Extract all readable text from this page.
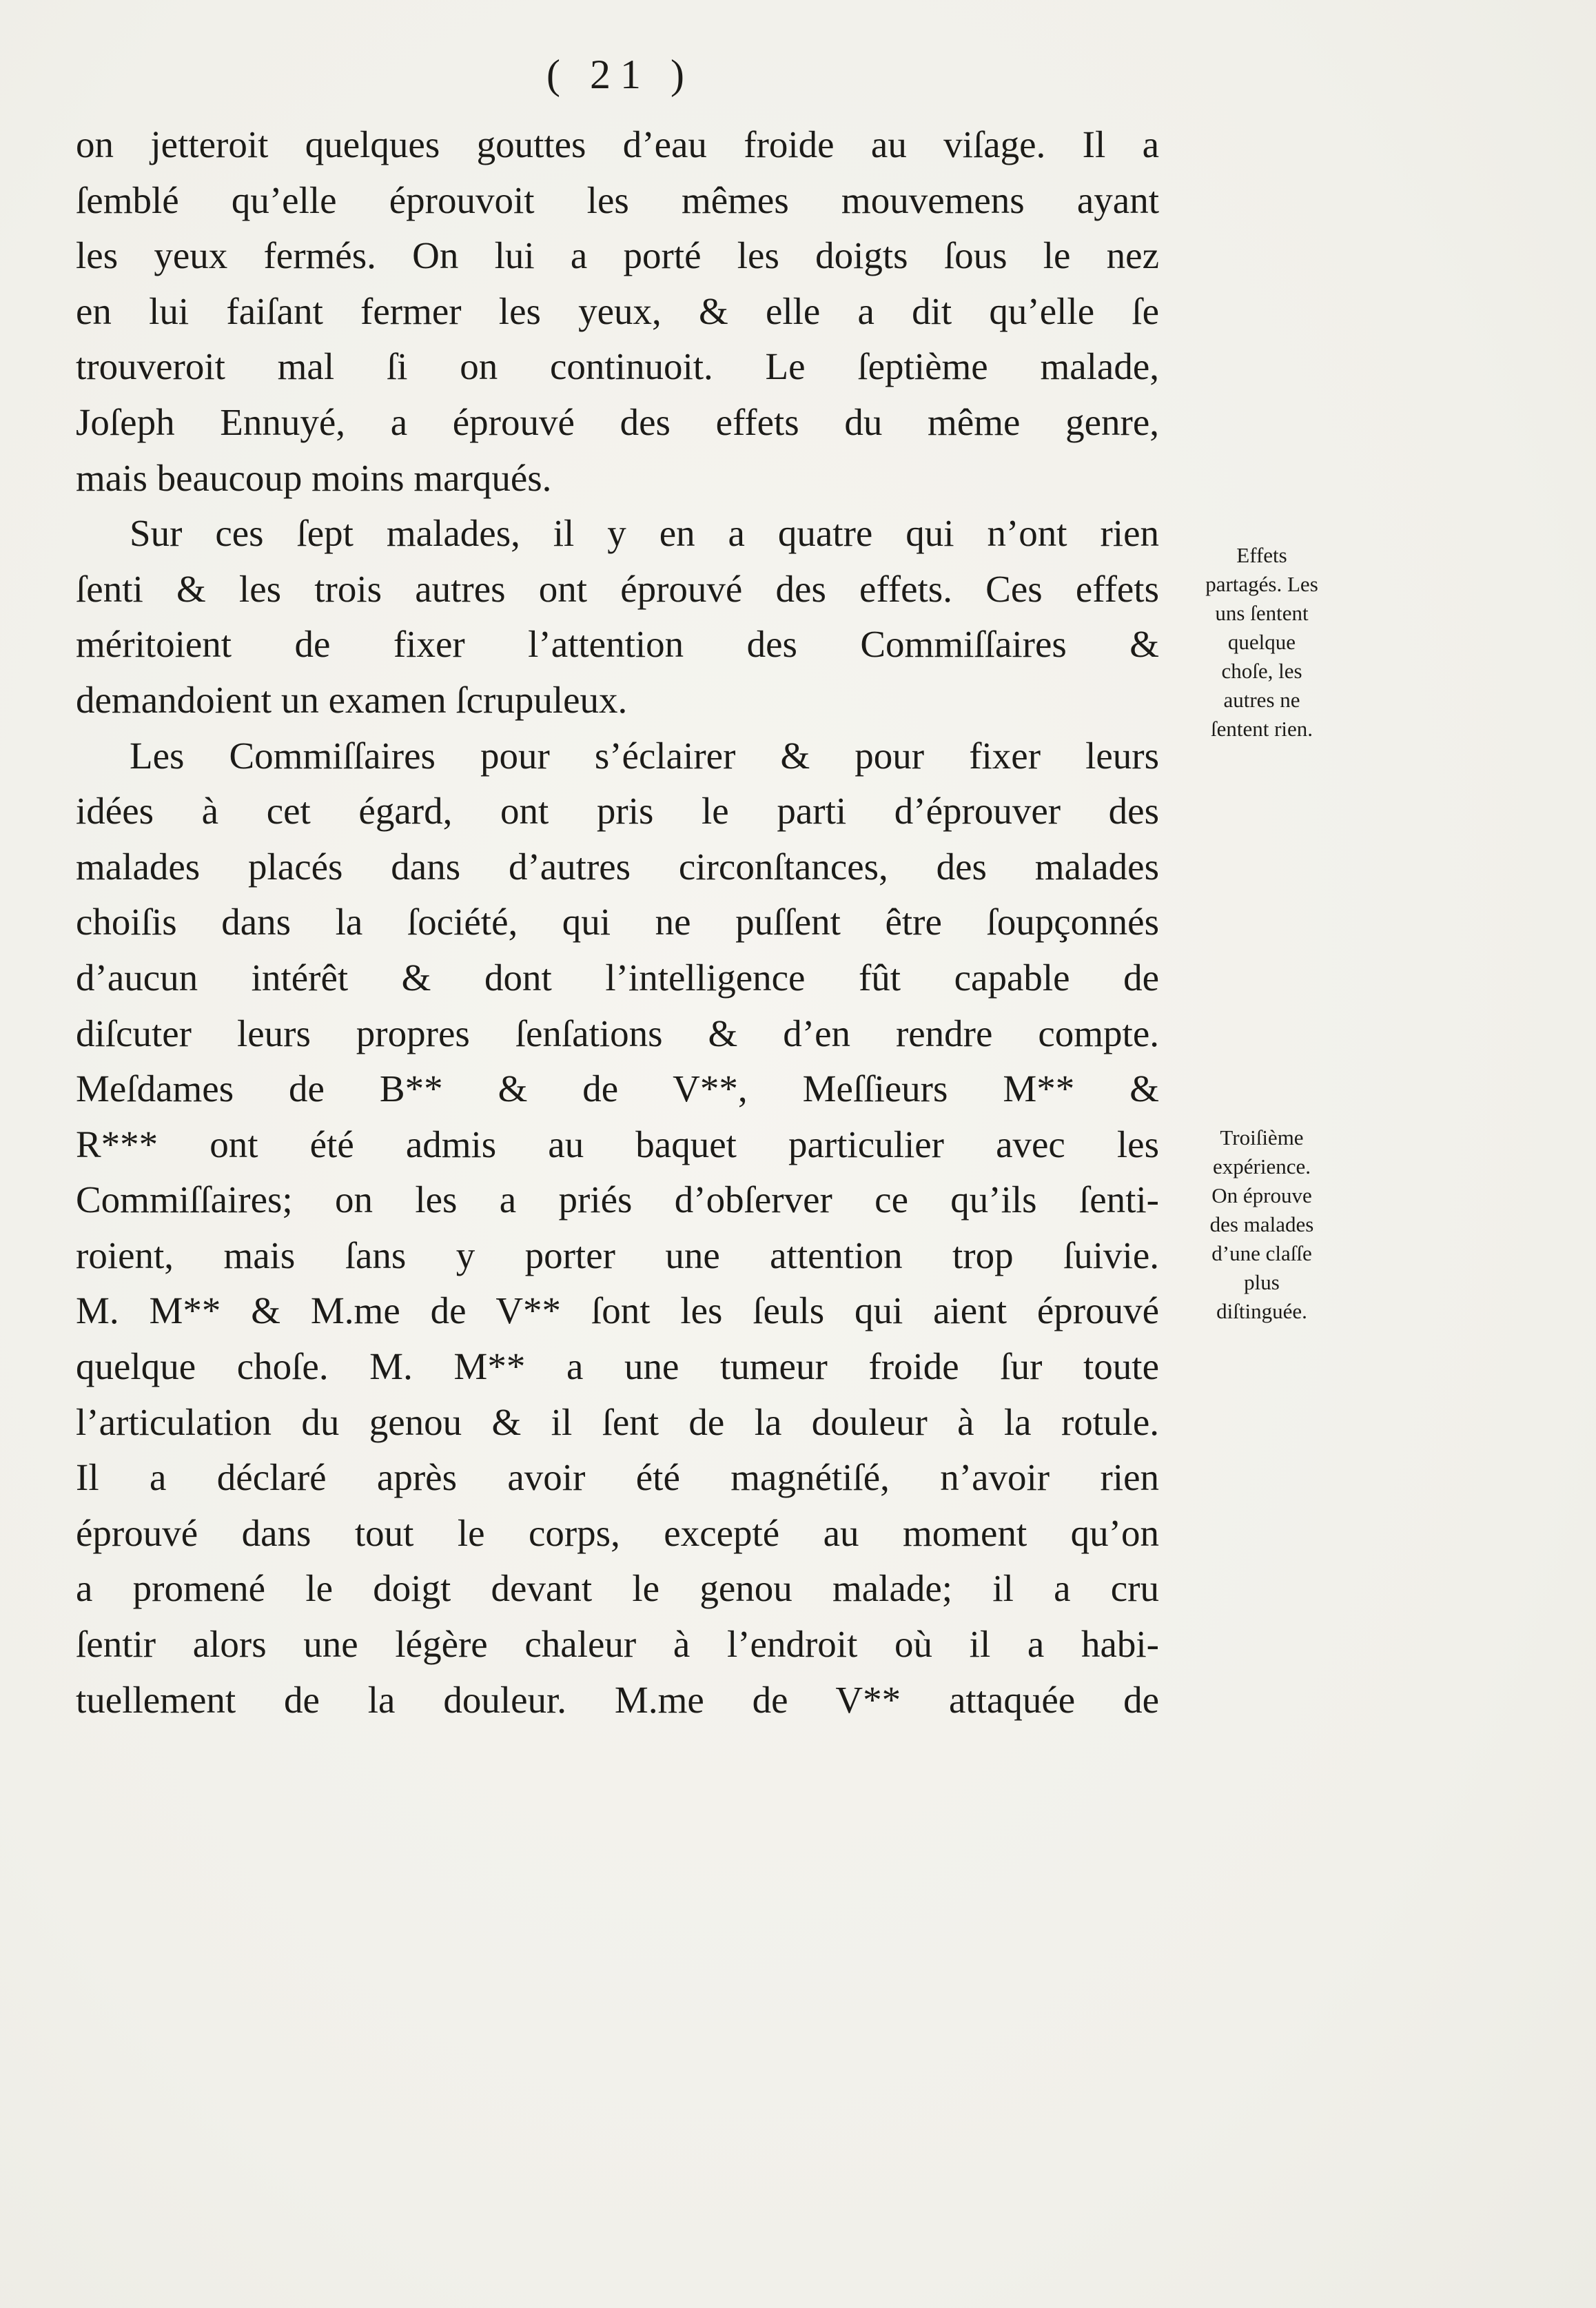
( 21 )
on jetteroit quelques gouttes d’eau froide au viſage. Il a
ſemblé qu’elle éprouvoit les mêmes mouvemens ayant
les yeux fermés. On lui a porté les doigts ſous le nez
en lui faiſant fermer les yeux, & elle a dit qu’elle ſe
trouveroit mal ſi on continuoit. Le ſeptième malade,
Joſeph Ennuyé, a éprouvé des effets du même genre,
mais beaucoup moins marqués.
Sur ces ſept malades, il y en a quatre qui n’ont rien
ſenti & les trois autres ont éprouvé des effets. Ces effets
méritoient de fixer l’attention des Commiſſaires &
demandoient un examen ſcrupuleux.
Les Commiſſaires pour s’éclairer & pour fixer leurs
idées à cet égard, ont pris le parti d’éprouver des
malades placés dans d’autres circonſtances, des malades
choiſis dans la ſociété, qui ne puſſent être ſoupçonnés
d’aucun intérêt & dont l’intelligence fût capable de
diſcuter leurs propres ſenſations & d’en rendre compte.
Meſdames de B** & de V**, Meſſieurs M** &
R*** ont été admis au baquet particulier avec les
Commiſſaires; on les a priés d’obſerver ce qu’ils ſenti-
roient, mais ſans y porter une attention trop ſuivie.
M. M** & M.me de V** ſont les ſeuls qui aient éprouvé
quelque choſe. M. M** a une tumeur froide ſur toute
l’articulation du genou & il ſent de la douleur à la rotule.
Il a déclaré après avoir été magnétiſé, n’avoir rien
éprouvé dans tout le corps, excepté au moment qu’on
a promené le doigt devant le genou malade; il a cru
ſentir alors une légère chaleur à l’endroit où il a habi-
tuellement de la douleur. M.me de V** attaquée de
Effets
partagés. Les
uns ſentent
quelque
choſe, les
autres ne
ſentent rien.
Troiſième
expérience.
On éprouve
des malades
d’une claſſe
plus
diſtinguée.
